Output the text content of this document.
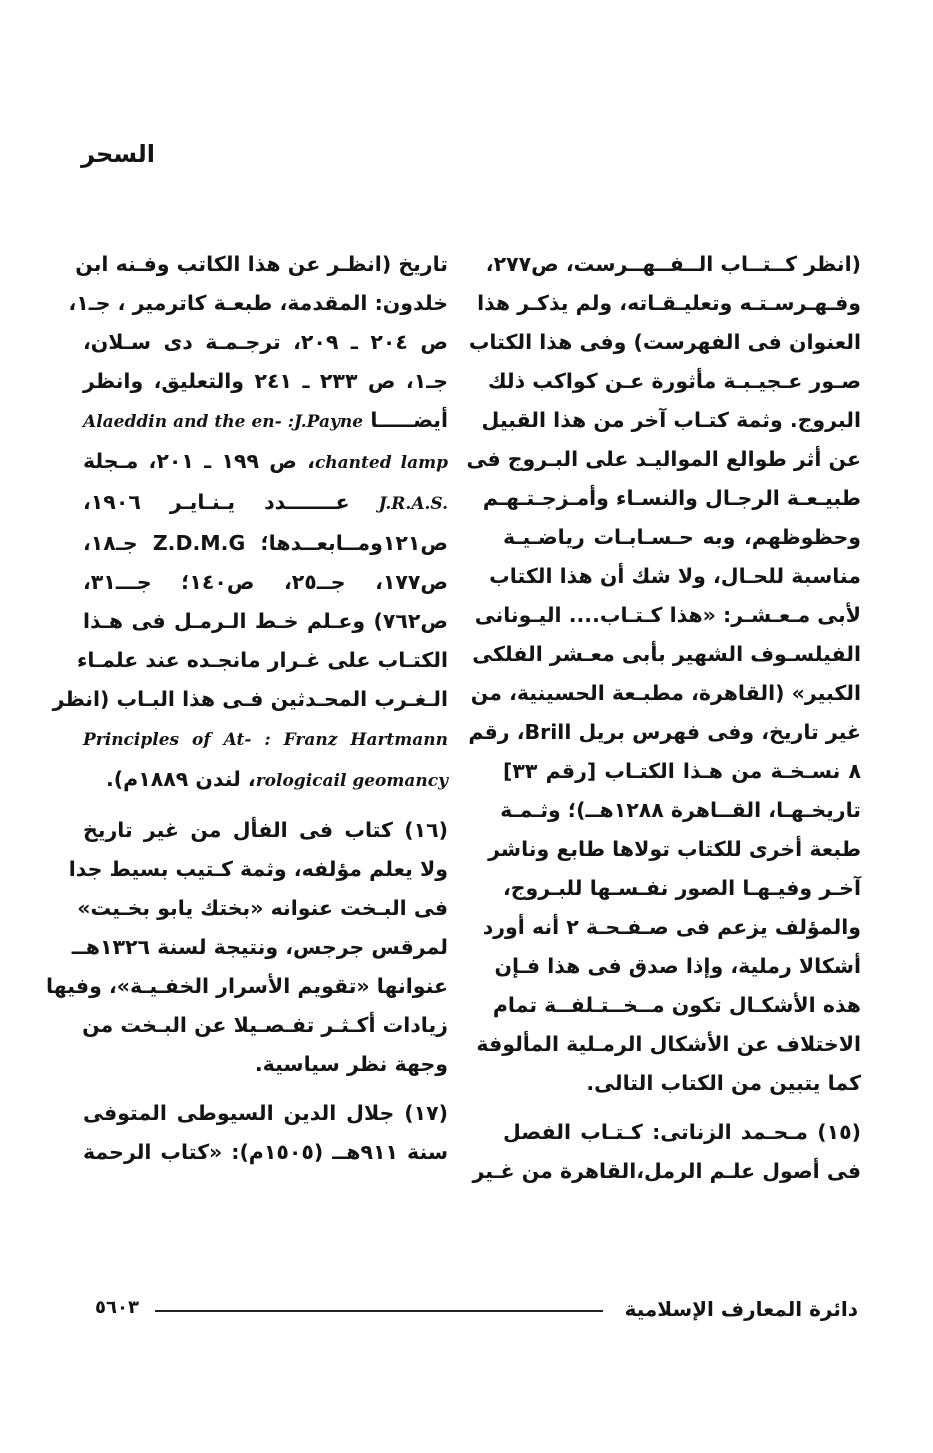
السحر
(انظر كــتــاب الــفــهــرست، ص٢٧٧،
وفـهـرسـتـه وتعليـقـاته، ولم يذكـر هذا
العنوان فى الفهرست) وفى هذا الكتاب
صـور عـجيـبـة مأثورة عـن كواكب ذلك
البروج. وثمة كتـاب آخر من هذا القبيل
عن أثر طوالع المواليـد على البـروج فى
طبيـعـة الرجـال والنسـاء وأمـزجـتـهـم
وحظوظهم، وبه حـسـابـات رياضـيـة
مناسبة للحـال، ولا شك أن هذا الكتاب
لأبى مـعـشـر: «هذا كـتـاب.... اليـونانى
الفيلسـوف الشهير بأبى معـشر الفلكى
الكبير» (القاهرة، مطبـعة الحسينية، من
غير تاريخ، وفى فهرس بريل Brill، رقم
٨ نسـخـة من هـذا الكتـاب [رقم ٣٣]
تاريخـهـا، القــاهرة ١٢٨٨هــ)؛ وثـمـة
طبعة أخرى للكتاب تولاها طابع وناشر
آخـر وفيـهـا الصور نفـسـها للبـروج،
والمؤلف يزعم فى صـفـحـة ٢ أنه أورد
أشكالا رملية، وإذا صدق فى هذا فـإن
هذه الأشكـال تكون مــخــتـلفــة تمام
الاختلاف عن الأشكال الرمـلية المألوفة
كما يتبين من الكتاب التالى.
(١٥) مـحـمد الزناتى: كـتـاب الفصل
فى أصول علـم الرمل،القاهرة من غـير
تاريخ (انظـر عن هذا الكاتب وفـنه ابن
خلدون: المقدمة، طبعـة كاترمير ، جـ١،
ص ٢٠٤ ـ ٢٠٩، ترجـمـة دى سـلان،
جـ١، ص ٢٣٣ ـ ٢٤١ والتعليق، وانظر
أيضـــــا Alaeddin and the en- :J.Payne
chanted lamp، ص ١٩٩ ـ ٢٠١، مـجلة
J.R.A.S. عـــــــدد يـنـايـر ١٩٠٦،
ص١٢١ومــابعــدها؛ Z.D.M.G جـ١٨،
ص١٧٧، جــ٢٥، ص١٤٠؛ جـــ٣١،
ص٧٦٢) وعـلم خـط الـرمـل فى هـذا
الكتـاب على غـرار مانجـده عند علمـاء
الـغـرب المحـدثين فـى هذا البـاب (انظر
Principles of At- : Franz Hartmann
rologicail geomancy، لندن ١٨٨٩م).
(١٦) كتاب فى الفأل من غير تاريخ
ولا يعلم مؤلفه، وثمة كـتيب بسيط جدا
فى البـخت عنوانه «بختك يابو بخـيت»
لمرقس جرجس، ونتيجة لسنة ١٣٢٦هــ
عنوانها «تقويم الأسرار الخفـيـة»، وفيها
زيادات أكـثـر تفـصـيلا عن البـخت من
وجهة نظر سياسية.
(١٧) جلال الدين السيوطى المتوفى
سنة ٩١١هــ (١٥٠٥م): «كتاب الرحمة
دائرة المعارف الإسلامية
٥٦٠٣
